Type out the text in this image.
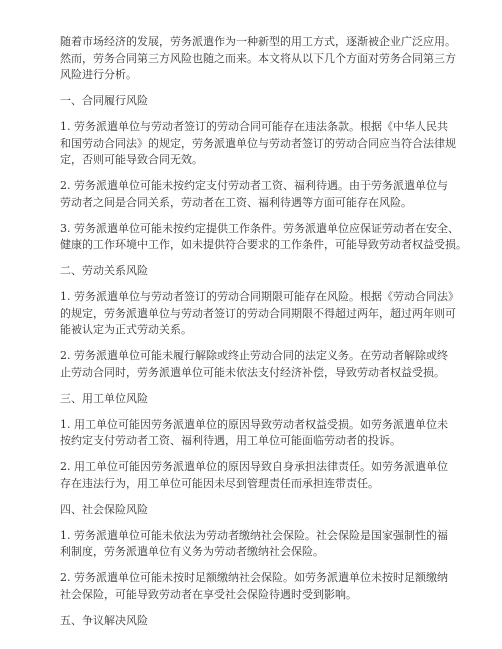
随着市场经济的发展，劳务派遣作为一种新型的用工方式，逐渐被企业广泛应用。
然而，劳务合同第三方风险也随之而来。本文将从以下几个方面对劳务合同第三方
风险进行分析。
一、合同履行风险
1. 劳务派遣单位与劳动者签订的劳动合同可能存在违法条款。根据《中华人民共
和国劳动合同法》的规定，劳务派遣单位与劳动者签订的劳动合同应当符合法律规
定，否则可能导致合同无效。
2. 劳务派遣单位可能未按约定支付劳动者工资、福利待遇。由于劳务派遣单位与
劳动者之间是合同关系，劳动者在工资、福利待遇等方面可能存在风险。
3. 劳务派遣单位可能未按约定提供工作条件。劳务派遣单位应保证劳动者在安全、
健康的工作环境中工作，如未提供符合要求的工作条件，可能导致劳动者权益受损。
二、劳动关系风险
1. 劳务派遣单位与劳动者签订的劳动合同期限可能存在风险。根据《劳动合同法》
的规定，劳务派遣单位与劳动者签订的劳动合同期限不得超过两年，超过两年则可
能被认定为正式劳动关系。
2. 劳务派遣单位可能未履行解除或终止劳动合同的法定义务。在劳动者解除或终
止劳动合同时，劳务派遣单位可能未依法支付经济补偿，导致劳动者权益受损。
三、用工单位风险
1. 用工单位可能因劳务派遣单位的原因导致劳动者权益受损。如劳务派遣单位未
按约定支付劳动者工资、福利待遇，用工单位可能面临劳动者的投诉。
2. 用工单位可能因劳务派遣单位的原因导致自身承担法律责任。如劳务派遣单位
存在违法行为，用工单位可能因未尽到管理责任而承担连带责任。
四、社会保险风险
1. 劳务派遣单位可能未依法为劳动者缴纳社会保险。社会保险是国家强制性的福
利制度，劳务派遣单位有义务为劳动者缴纳社会保险。
2. 劳务派遣单位可能未按时足额缴纳社会保险。如劳务派遣单位未按时足额缴纳
社会保险，可能导致劳动者在享受社会保险待遇时受到影响。
五、争议解决风险
